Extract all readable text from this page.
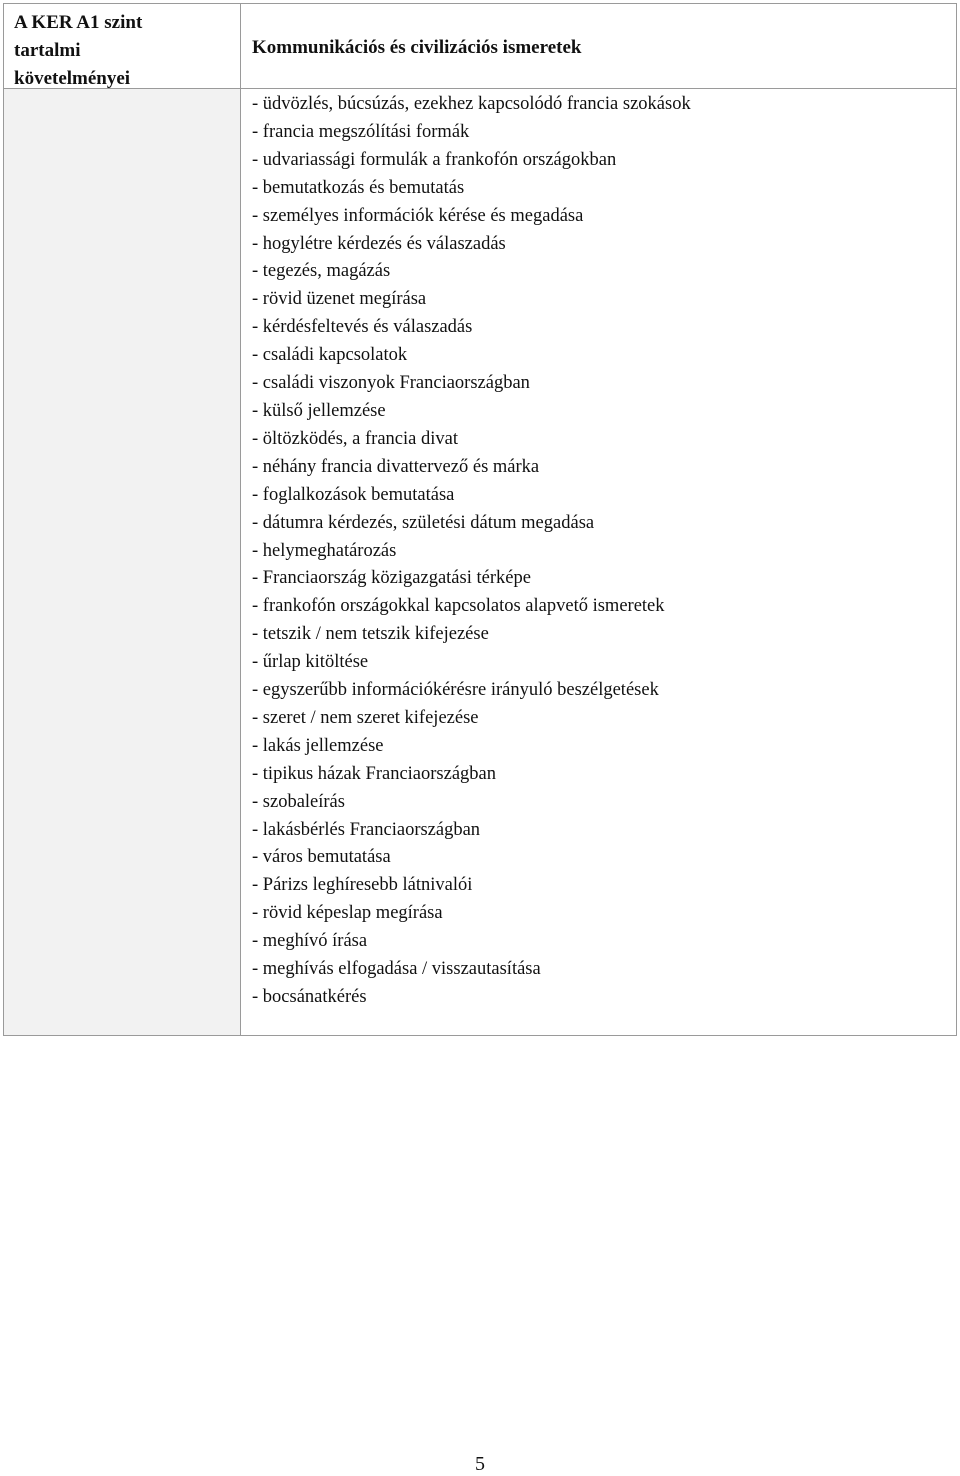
A KER A1 szint
tartalmi
követelményei
Kommunikációs és civilizációs ismeretek
- üdvözlés, búcsúzás, ezekhez kapcsolódó francia szokások
- francia megszólítási formák
- udvariassági formulák a frankofón országokban
- bemutatkozás és bemutatás
- személyes információk kérése és megadása
- hogylétre kérdezés és válaszadás
- tegezés, magázás
- rövid üzenet megírása
- kérdésfeltevés és válaszadás
- családi kapcsolatok
- családi viszonyok Franciaországban
- külső jellemzése
- öltözködés, a francia divat
- néhány francia divattervező és márka
- foglalkozások bemutatása
- dátumra kérdezés, születési dátum megadása
- helymeghatározás
- Franciaország közigazgatási térképe
- frankofón országokkal kapcsolatos alapvető ismeretek
- tetszik / nem tetszik kifejezése
- űrlap kitöltése
- egyszerűbb információkérésre irányuló beszélgetések
- szeret / nem szeret kifejezése
- lakás jellemzése
- tipikus házak Franciaországban
- szobaleírás
- lakásbérlés Franciaországban
- város bemutatása
- Párizs leghíresebb látnivalói
- rövid képeslap megírása
- meghívó írása
- meghívás elfogadása / visszautasítása
- bocsánatkérés
5
